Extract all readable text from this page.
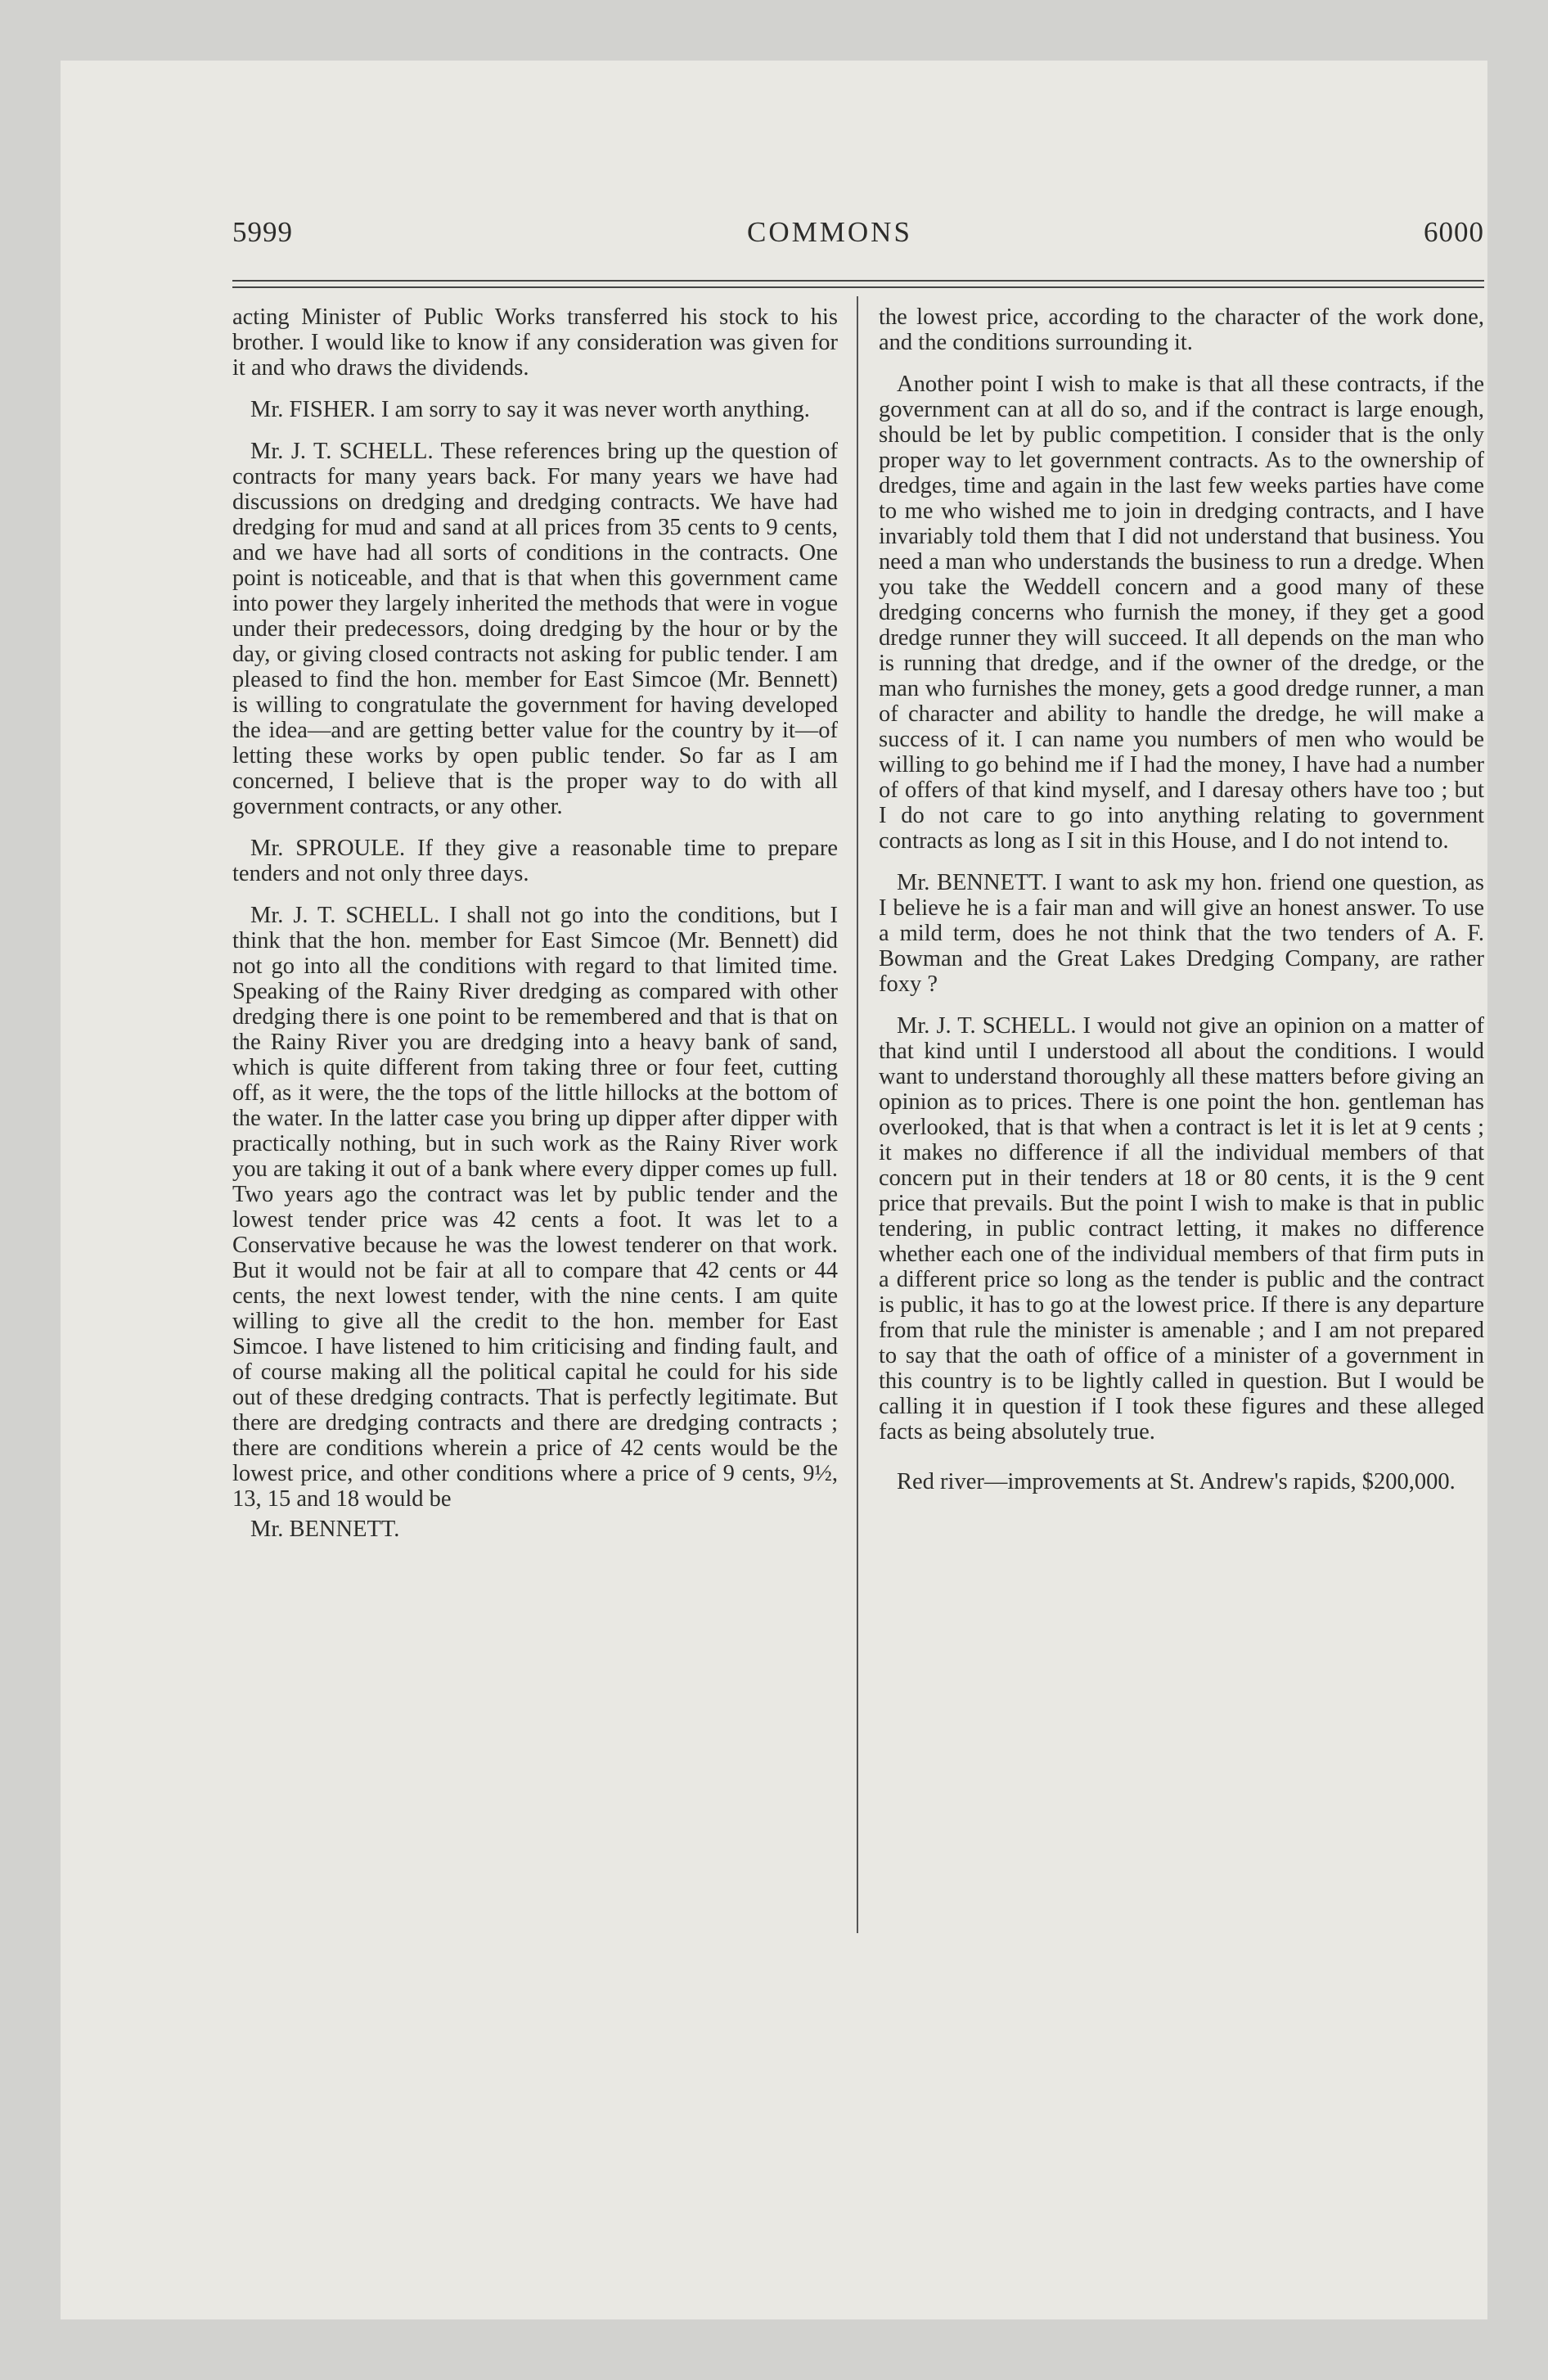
5999	COMMONS	6000

acting Minister of Public Works transferred his stock to his brother. I would like to know if any consideration was given for it and who draws the dividends.

Mr. FISHER. I am sorry to say it was never worth anything.

Mr. J. T. SCHELL. These references bring up the question of contracts for many years back. For many years we have had discussions on dredging and dredging contracts. We have had dredging for mud and sand at all prices from 35 cents to 9 cents, and we have had all sorts of conditions in the contracts. One point is noticeable, and that is that when this government came into power they largely inherited the methods that were in vogue under their predecessors, doing dredging by the hour or by the day, or giving closed contracts not asking for public tender. I am pleased to find the hon. member for East Simcoe (Mr. Bennett) is willing to congratulate the government for having developed the idea—and are getting better value for the country by it—of letting these works by open public tender. So far as I am concerned, I believe that is the proper way to do with all government contracts, or any other.

Mr. SPROULE. If they give a reasonable time to prepare tenders and not only three days.

Mr. J. T. SCHELL. I shall not go into the conditions, but I think that the hon. member for East Simcoe (Mr. Bennett) did not go into all the conditions with regard to that limited time. Speaking of the Rainy River dredging as compared with other dredging there is one point to be remembered and that is that on the Rainy River you are dredging into a heavy bank of sand, which is quite different from taking three or four feet, cutting off, as it were, the the tops of the little hillocks at the bottom of the water. In the latter case you bring up dipper after dipper with practically nothing, but in such work as the Rainy River work you are taking it out of a bank where every dipper comes up full. Two years ago the contract was let by public tender and the lowest tender price was 42 cents a foot. It was let to a Conservative because he was the lowest tenderer on that work. But it would not be fair at all to compare that 42 cents or 44 cents, the next lowest tender, with the nine cents. I am quite willing to give all the credit to the hon. member for East Simcoe. I have listened to him criticising and finding fault, and of course making all the political capital he could for his side out of these dredging contracts. That is perfectly legitimate. But there are dredging contracts and there are dredging contracts ; there are conditions wherein a price of 42 cents would be the lowest price, and other conditions where a price of 9 cents, 9½, 13, 15 and 18 would be

Mr. BENNETT.

the lowest price, according to the character of the work done, and the conditions surrounding it.

Another point I wish to make is that all these contracts, if the government can at all do so, and if the contract is large enough, should be let by public competition. I consider that is the only proper way to let government contracts. As to the ownership of dredges, time and again in the last few weeks parties have come to me who wished me to join in dredging contracts, and I have invariably told them that I did not understand that business. You need a man who understands the business to run a dredge. When you take the Weddell concern and a good many of these dredging concerns who furnish the money, if they get a good dredge runner they will succeed. It all depends on the man who is running that dredge, and if the owner of the dredge, or the man who furnishes the money, gets a good dredge runner, a man of character and ability to handle the dredge, he will make a success of it. I can name you numbers of men who would be willing to go behind me if I had the money, I have had a number of offers of that kind myself, and I daresay others have too ; but I do not care to go into anything relating to government contracts as long as I sit in this House, and I do not intend to.

Mr. BENNETT. I want to ask my hon. friend one question, as I believe he is a fair man and will give an honest answer. To use a mild term, does he not think that the two tenders of A. F. Bowman and the Great Lakes Dredging Company, are rather foxy ?

Mr. J. T. SCHELL. I would not give an opinion on a matter of that kind until I understood all about the conditions. I would want to understand thoroughly all these matters before giving an opinion as to prices. There is one point the hon. gentleman has overlooked, that is that when a contract is let it is let at 9 cents ; it makes no difference if all the individual members of that concern put in their tenders at 18 or 80 cents, it is the 9 cent price that prevails. But the point I wish to make is that in public tendering, in public contract letting, it makes no difference whether each one of the individual members of that firm puts in a different price so long as the tender is public and the contract is public, it has to go at the lowest price. If there is any departure from that rule the minister is amenable ; and I am not prepared to say that the oath of office of a minister of a government in this country is to be lightly called in question. But I would be calling it in question if I took these figures and these alleged facts as being absolutely true.

Red river—improvements at St. Andrew's rapids, $200,000.
